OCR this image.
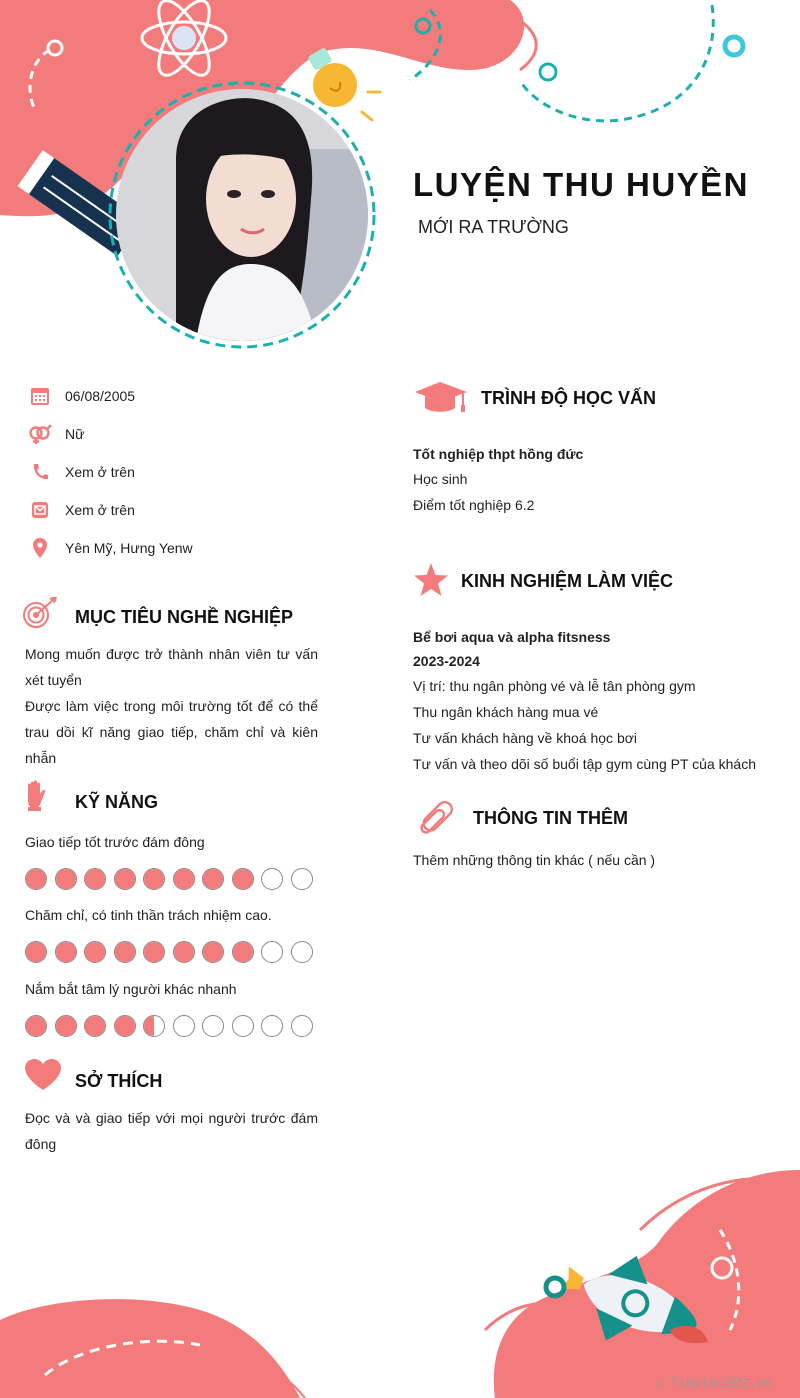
LUYỆN THU HUYỀN
MỚI RA TRƯỜNG
06/08/2005
Nữ
Xem ở trên
Xem ở trên
Yên Mỹ, Hưng Yenw
MỤC TIÊU NGHỀ NGHIỆP
Mong muốn được trở thành nhân viên tư vấn
xét tuyển
Được làm việc trong môi trường tốt để có thể
trau dồi kĩ năng giao tiếp, chăm chỉ và kiên
nhẫn
KỸ NĂNG
Giao tiếp tốt trước đám đông
Chăm chỉ, có tinh thần trách nhiệm cao.
Nắm bắt tâm lý người khác nhanh
SỞ THÍCH
Đọc và và giao tiếp với mọi người trước đám
đông
TRÌNH ĐỘ HỌC VẤN
Tốt nghiệp thpt hồng đức
Học sinh
Điểm tốt nghiệp 6.2
KINH NGHIỆM LÀM VIỆC
Bể bơi aqua và alpha fitsness
2023-2024
Vị trí: thu ngân phòng vé và lễ tân phòng gym
Thu ngân khách hàng mua vé
Tư vấn khách hàng về khoá học bơi
Tư vấn và theo dõi số buổi tập gym cùng PT của khách
THÔNG TIN THÊM
Thêm những thông tin khác ( nếu cần )
∴ Timviec365.vn
